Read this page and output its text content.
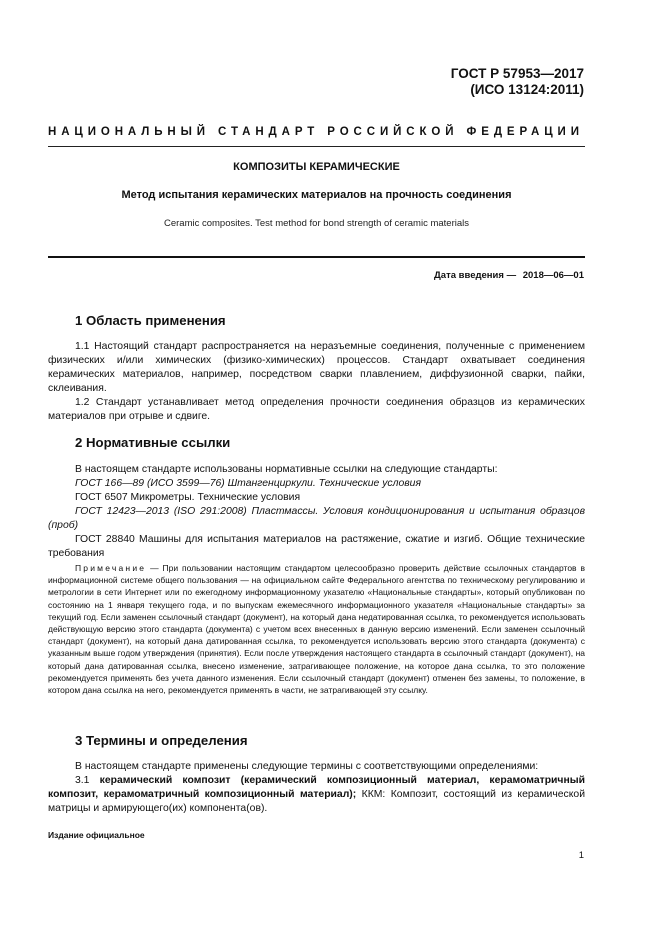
ГОСТ Р 57953—2017
(ИСО 13124:2011)
НАЦИОНАЛЬНЫЙ СТАНДАРТ РОССИЙСКОЙ ФЕДЕРАЦИИ
КОМПОЗИТЫ КЕРАМИЧЕСКИЕ
Метод испытания керамических материалов на прочность соединения
Ceramic composites. Test method for bond strength of ceramic materials
Дата введения — 2018—06—01
1 Область применения

1.1 Настоящий стандарт распространяется на неразъемные соединения, полученные с применением физических и/или химических (физико-химических) процессов. Стандарт охватывает соединения керамических материалов, например, посредством сварки плавлением, диффузионной сварки, пайки, склеивания.

1.2 Стандарт устанавливает метод определения прочности соединения образцов из керамических материалов при отрыве и сдвиге.

2 Нормативные ссылки

В настоящем стандарте использованы нормативные ссылки на следующие стандарты:

ГОСТ 166—89 (ИСО 3599—76) Штангенциркули. Технические условия

ГОСТ 6507 Микрометры. Технические условия

ГОСТ 12423—2013 (ISO 291:2008) Пластмассы. Условия кондиционирования и испытания образцов (проб)

ГОСТ 28840 Машины для испытания материалов на растяжение, сжатие и изгиб. Общие технические требования

Примечание — При пользовании настоящим стандартом целесообразно проверить действие ссылочных стандартов в информационной системе общего пользования — на официальном сайте Федерального агентства по техническому регулированию и метрологии в сети Интернет или по ежегодному информационному указателю «Национальные стандарты», который опубликован по состоянию на 1 января текущего года, и по выпускам ежемесячного информационного указателя «Национальные стандарты» за текущий год. Если заменен ссылочный стандарт (документ), на который дана недатированная ссылка, то рекомендуется использовать действующую версию этого стандарта (документа) с учетом всех внесенных в данную версию изменений. Если заменен ссылочный стандарт (документ), на который дана датированная ссылка, то рекомендуется использовать версию этого стандарта (документа) с указанным выше годом утверждения (принятия). Если после утверждения настоящего стандарта в ссылочный стандарт (документ), на который дана датированная ссылка, внесено изменение, затрагивающее положение, на которое дана ссылка, то это положение рекомендуется применять без учета данного изменения. Если ссылочный стандарт (документ) отменен без замены, то положение, в котором дана ссылка на него, рекомендуется применять в части, не затрагивающей эту ссылку.
3 Термины и определения

В настоящем стандарте применены следующие термины с соответствующими определениями:

3.1 керамический композит (керамический композиционный материал, керамоматричный композит, керамоматричный композиционный материал); ККМ: Композит, состоящий из керамической матрицы и армирующего(их) компонента(ов).

Издание официальное
1
